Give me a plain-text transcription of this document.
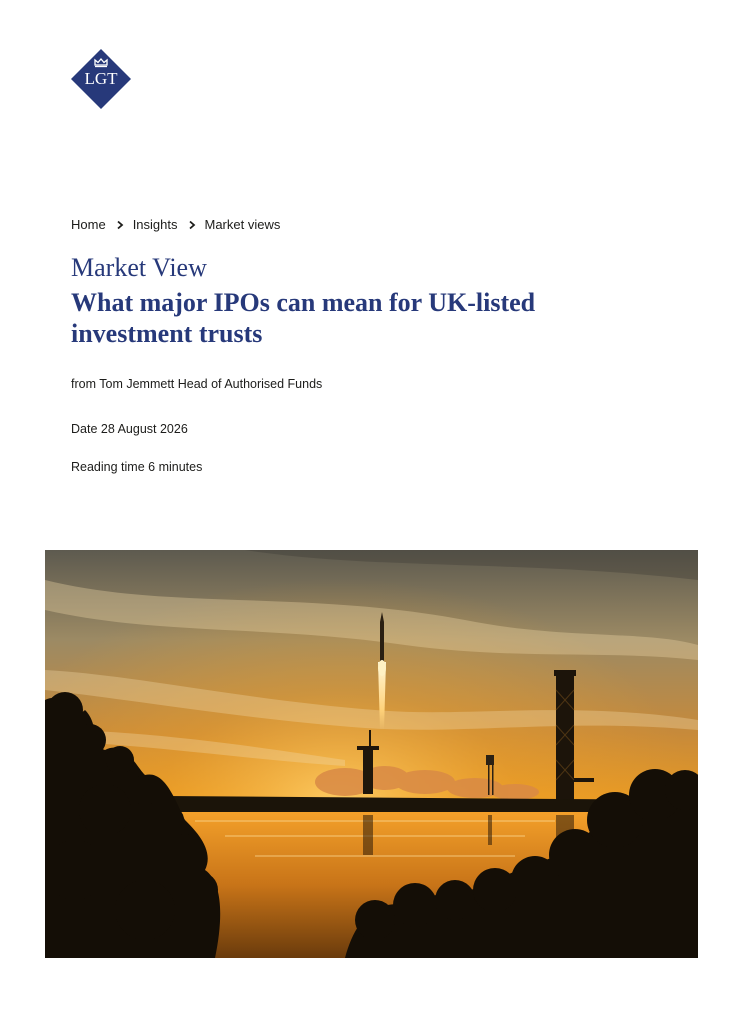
LGT
Home Insights Market views
Market View
What major IPOs can mean for UK-listed investment trusts
from Tom Jemmett Head of Authorised Funds
Date 28 August 2026
Reading time 6 minutes
